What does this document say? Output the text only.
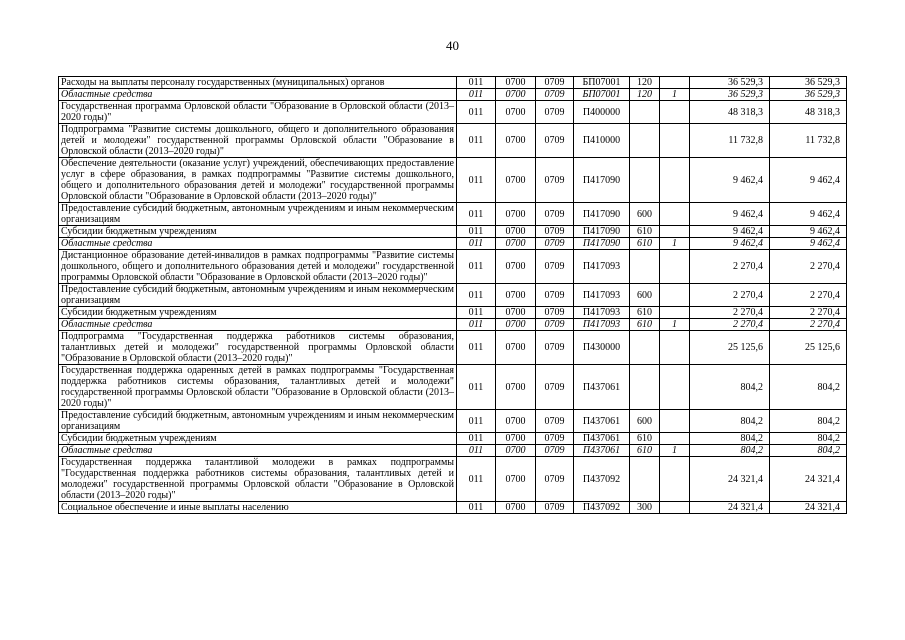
40
Расходы на выплаты персоналу государственных (муниципальных) органов	011	0700	0709	БП07001	120		36 529,3	36 529,3
Областные средства	011	0700	0709	БП07001	120	1	36 529,3	36 529,3
Государственная программа Орловской области "Образование в Орловской области (2013–2020 годы)"	011	0700	0709	П400000			48 318,3	48 318,3
Подпрограмма "Развитие системы дошкольного, общего и дополнительного образования детей и молодежи" государственной программы Орловской области "Образование в Орловской области (2013–2020 годы)"	011	0700	0709	П410000			11 732,8	11 732,8
Обеспечение деятельности (оказание услуг) учреждений, обеспечивающих предоставление услуг в сфере образования, в рамках подпрограммы "Развитие системы дошкольного, общего и дополнительного образования детей и молодежи" государственной программы Орловской области "Образование в Орловской области (2013–2020 годы)"	011	0700	0709	П417090			9 462,4	9 462,4
Предоставление субсидий бюджетным, автономным учреждениям и иным некоммерческим организациям	011	0700	0709	П417090	600		9 462,4	9 462,4
Субсидии бюджетным учреждениям	011	0700	0709	П417090	610		9 462,4	9 462,4
Областные средства	011	0700	0709	П417090	610	1	9 462,4	9 462,4
Дистанционное образование детей-инвалидов в рамках подпрограммы "Развитие системы дошкольного, общего и дополнительного образования детей и молодежи" государственной программы Орловской области "Образование в Орловской области (2013–2020 годы)"	011	0700	0709	П417093			2 270,4	2 270,4
Предоставление субсидий бюджетным, автономным учреждениям и иным некоммерческим организациям	011	0700	0709	П417093	600		2 270,4	2 270,4
Субсидии бюджетным учреждениям	011	0700	0709	П417093	610		2 270,4	2 270,4
Областные средства	011	0700	0709	П417093	610	1	2 270,4	2 270,4
Подпрограмма "Государственная поддержка работников системы образования, талантливых детей и молодежи" государственной программы Орловской области "Образование в Орловской области (2013–2020 годы)"	011	0700	0709	П430000			25 125,6	25 125,6
Государственная поддержка одаренных детей в рамках подпрограммы "Государственная поддержка работников системы образования, талантливых детей и молодежи" государственной программы Орловской области "Образование в Орловской области (2013–2020 годы)"	011	0700	0709	П437061			804,2	804,2
Предоставление субсидий бюджетным, автономным учреждениям и иным некоммерческим организациям	011	0700	0709	П437061	600		804,2	804,2
Субсидии бюджетным учреждениям	011	0700	0709	П437061	610		804,2	804,2
Областные средства	011	0700	0709	П437061	610	1	804,2	804,2
Государственная поддержка талантливой молодежи в рамках подпрограммы "Государственная поддержка работников системы образования, талантливых детей и молодежи" государственной программы Орловской области "Образование в Орловской области (2013–2020 годы)"	011	0700	0709	П437092			24 321,4	24 321,4
Социальное обеспечение и иные выплаты населению	011	0700	0709	П437092	300		24 321,4	24 321,4
